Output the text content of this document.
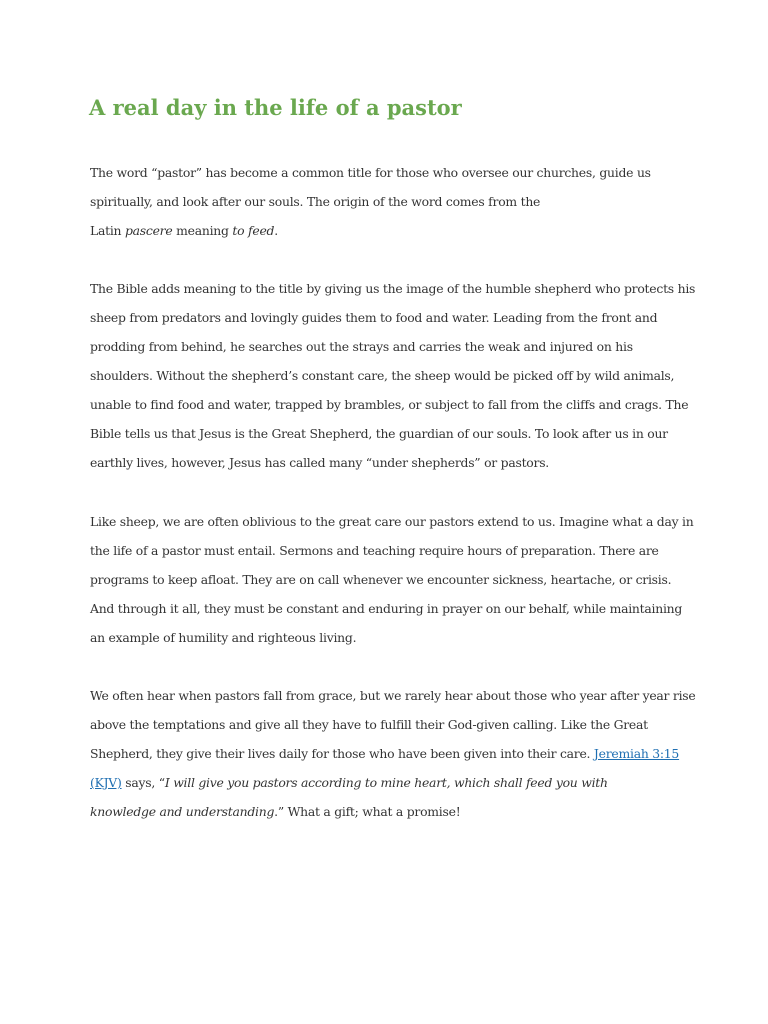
A real day in the life of a pastor

The word “pastor” has become a common title for those who oversee our churches, guide us
spiritually, and look after our souls. The origin of the word comes from the
Latin pascere meaning to feed.

The Bible adds meaning to the title by giving us the image of the humble shepherd who protects his
sheep from predators and lovingly guides them to food and water. Leading from the front and
prodding from behind, he searches out the strays and carries the weak and injured on his
shoulders. Without the shepherd’s constant care, the sheep would be picked off by wild animals,
unable to find food and water, trapped by brambles, or subject to fall from the cliffs and crags. The
Bible tells us that Jesus is the Great Shepherd, the guardian of our souls. To look after us in our
earthly lives, however, Jesus has called many “under shepherds” or pastors.

Like sheep, we are often oblivious to the great care our pastors extend to us. Imagine what a day in
the life of a pastor must entail. Sermons and teaching require hours of preparation. There are
programs to keep afloat. They are on call whenever we encounter sickness, heartache, or crisis.
And through it all, they must be constant and enduring in prayer on our behalf, while maintaining
an example of humility and righteous living.

We often hear when pastors fall from grace, but we rarely hear about those who year after year rise
above the temptations and give all they have to fulfill their God-given calling. Like the Great
Shepherd, they give their lives daily for those who have been given into their care. Jeremiah 3:15
(KJV) says, “I will give you pastors according to mine heart, which shall feed you with
knowledge and understanding.” What a gift; what a promise!
